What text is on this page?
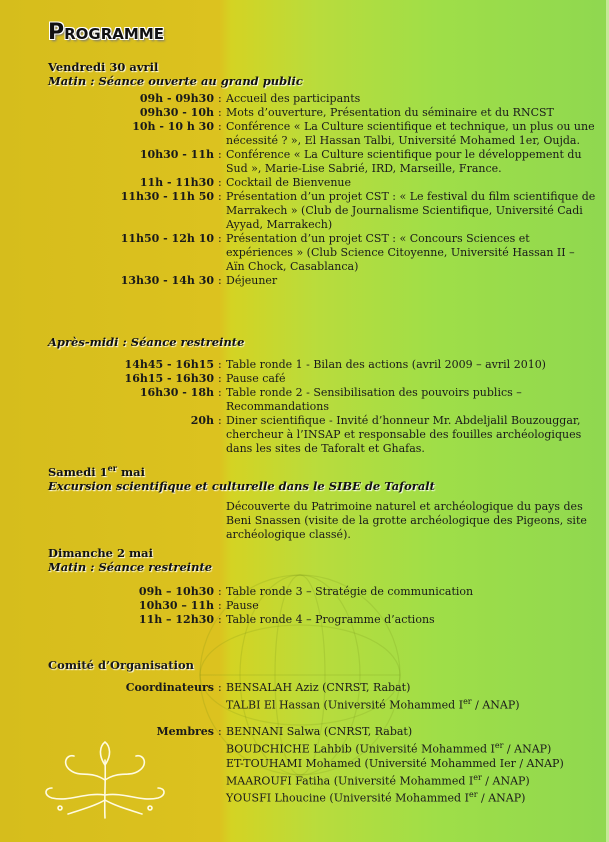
Programme
Vendredi 30 avril
Matin : Séance ouverte au grand public
09h - 09h30 : Accueil des participants
09h30 - 10h : Mots d’ouverture, Présentation du séminaire et du RNCST
10h - 10 h 30 : Conférence « La Culture scientifique et technique, un plus ou une nécessité ? », El Hassan Talbi, Université Mohamed 1er, Oujda.
10h30 - 11h : Conférence « La Culture scientifique pour le développement du Sud », Marie-Lise Sabrié, IRD, Marseille, France.
11h - 11h30 : Cocktail de Bienvenue
11h30 - 11h 50 : Présentation d’un projet CST : « Le festival du film scientifique de Marrakech » (Club de Journalisme Scientifique, Université Cadi Ayyad, Marrakech)
11h50 - 12h 10 : Présentation d’un projet CST : « Concours Sciences et expériences » (Club Science Citoyenne, Université Hassan II – Aïn Chock, Casablanca)
13h30 - 14h 30 : Déjeuner
Après-midi : Séance restreinte
14h45 - 16h15 : Table ronde 1 - Bilan des actions (avril 2009 – avril 2010)
16h15 - 16h30 : Pause café
16h30 - 18h : Table ronde 2 - Sensibilisation des pouvoirs publics – Recommandations
20h : Diner scientifique - Invité d’honneur Mr. Abdeljalil Bouzouggar, chercheur à l’INSAP et responsable des fouilles archéologiques dans les sites de Taforalt et Ghafas.
Samedi 1er mai
Excursion scientifique et culturelle dans le SIBE de Taforalt
Découverte du Patrimoine naturel et archéologique du pays des Beni Snassen (visite de la grotte archéologique des Pigeons, site archéologique classé).
Dimanche 2 mai
Matin : Séance restreinte
09h – 10h30 : Table ronde 3 – Stratégie de communication
10h30 – 11h : Pause
11h – 12h30 : Table ronde 4 – Programme d’actions
Comité d’Organisation
Coordinateurs : BENSALAH Aziz (CNRST, Rabat)
TALBI El Hassan (Université Mohammed Ier / ANAP)
Membres : BENNANI Salwa (CNRST, Rabat)
BOUDCHICHE Lahbib (Université Mohammed Ier / ANAP)
ET-TOUHAMI Mohamed (Université Mohammed Ier / ANAP)
MAAROUFI Fatiha (Université Mohammed Ier / ANAP)
YOUSFI Lhoucine (Université Mohammed Ier / ANAP)
